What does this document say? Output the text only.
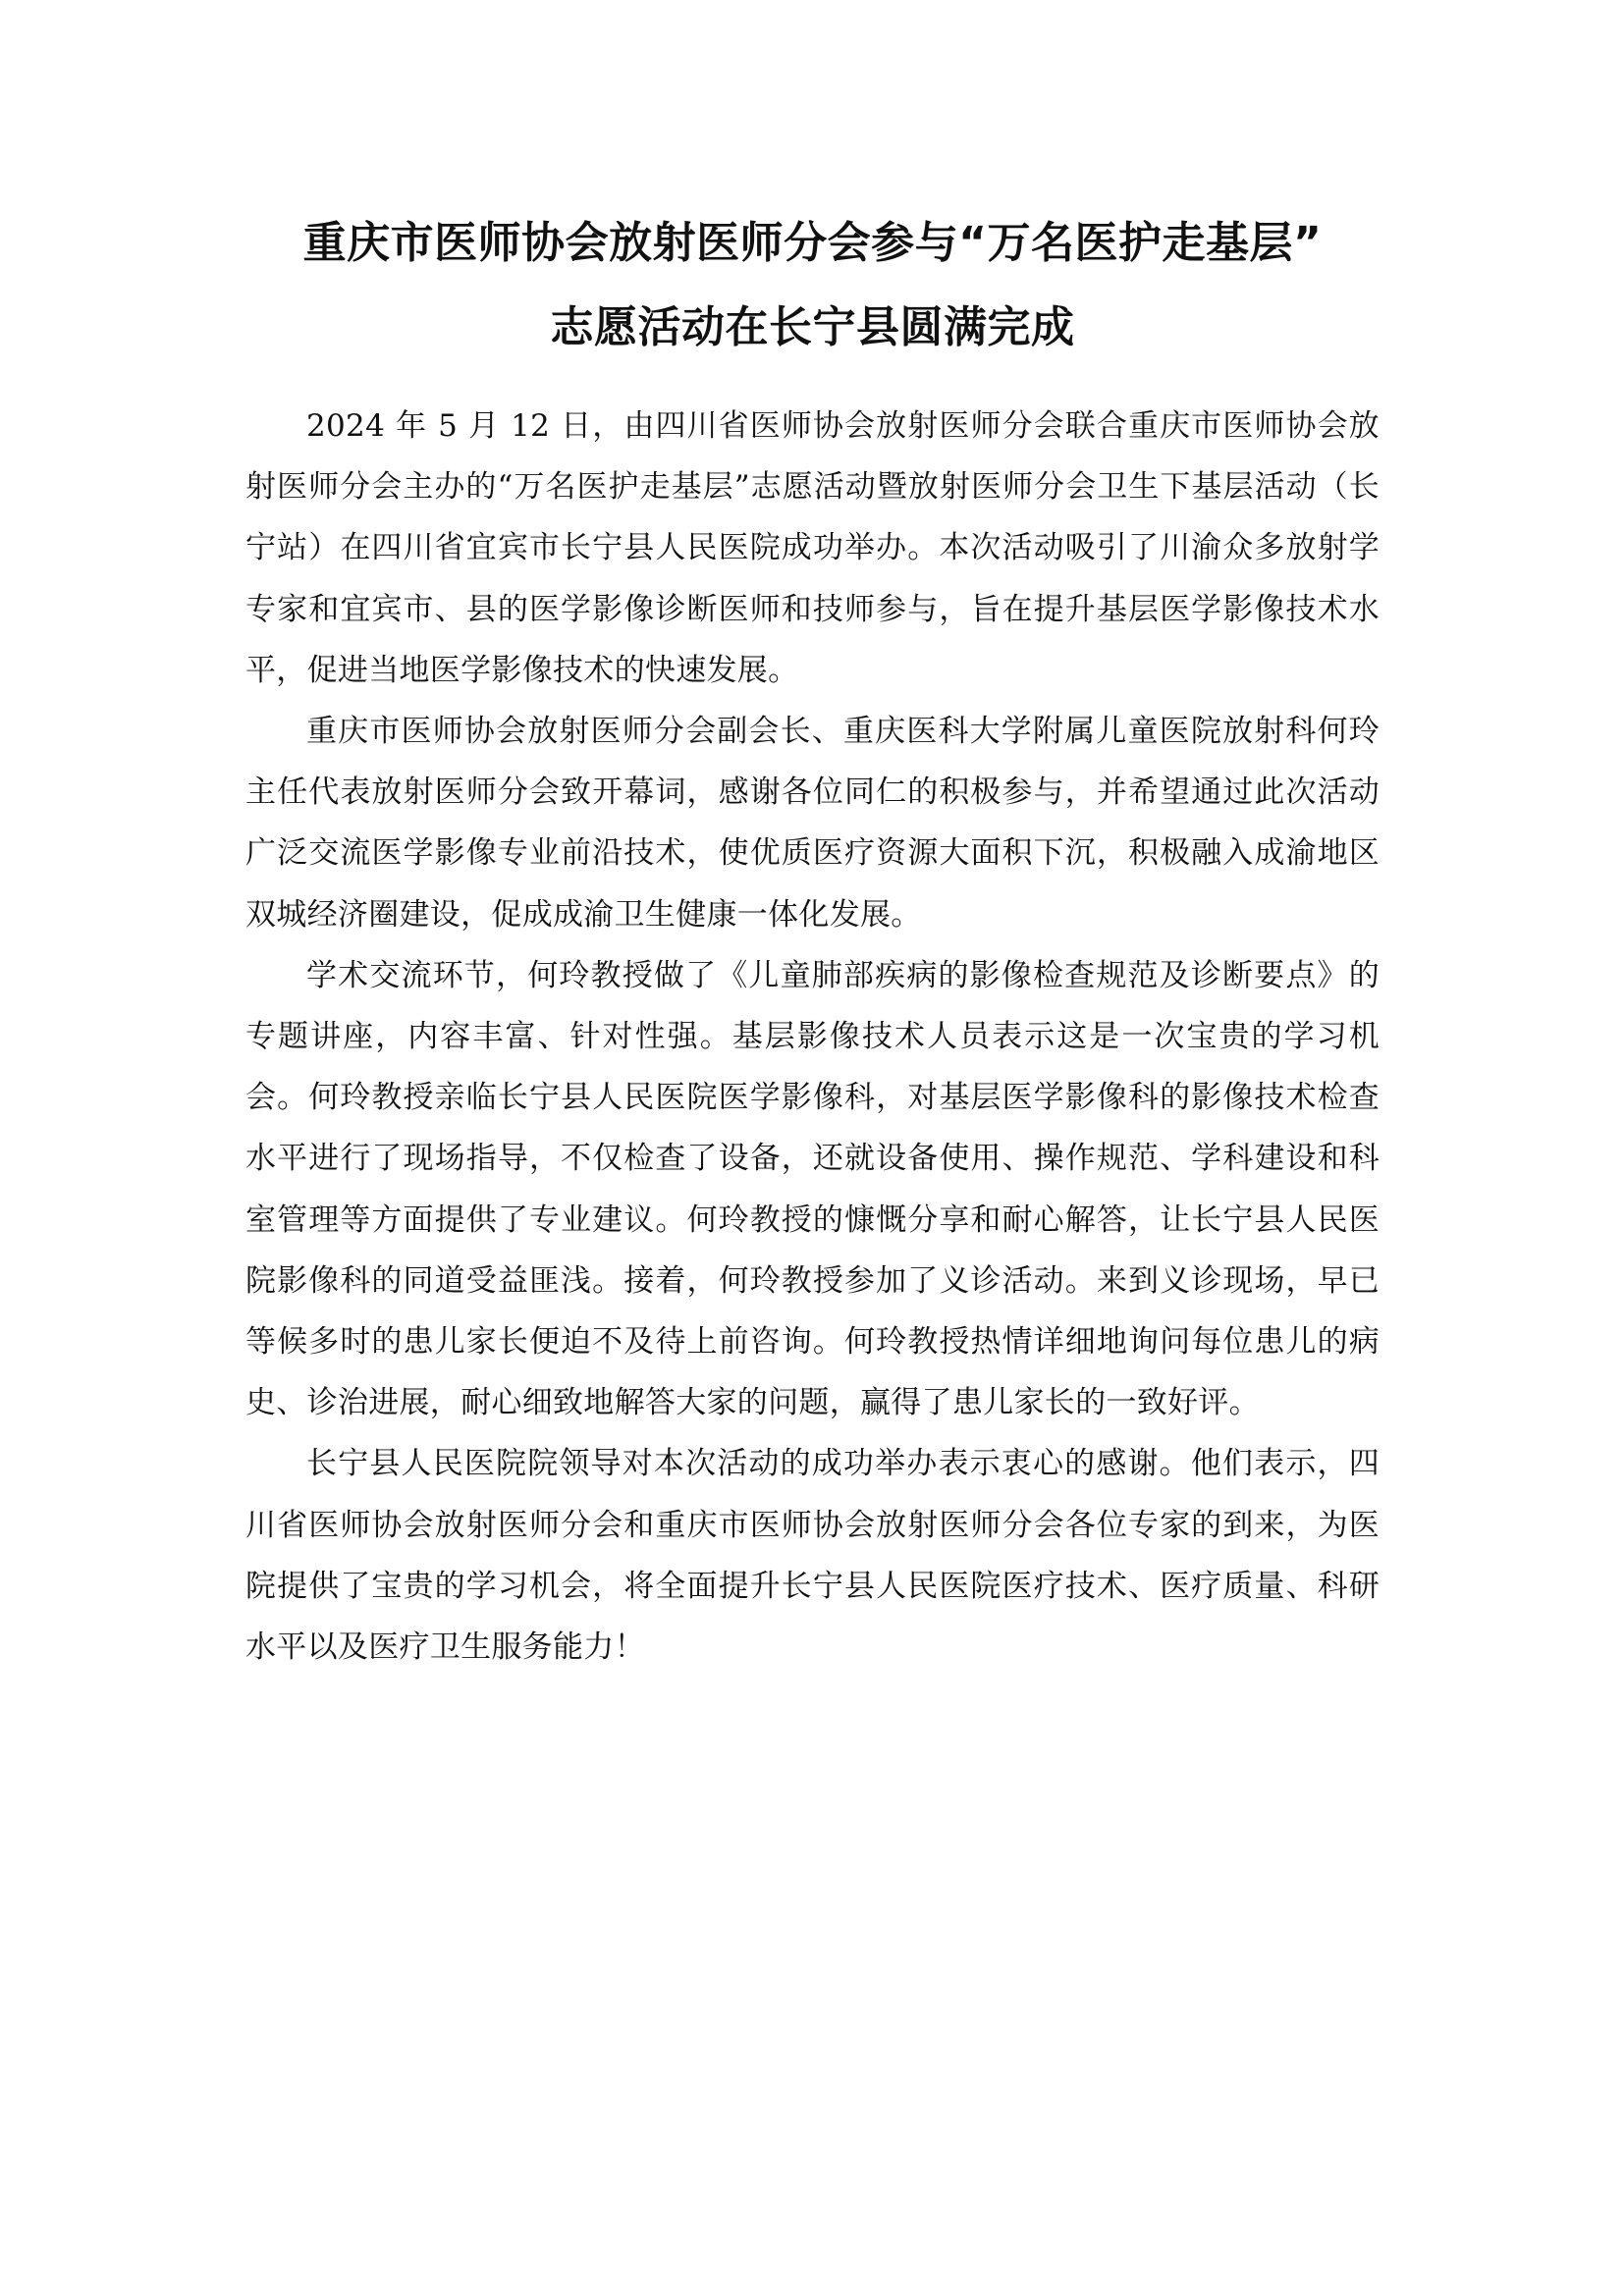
重庆市医师协会放射医师分会参与“万名医护走基层”
志愿活动在长宁县圆满完成

2024 年 5 月 12 日，由四川省医师协会放射医师分会联合重庆市医师协会放射医师分会主办的“万名医护走基层”志愿活动暨放射医师分会卫生下基层活动（长宁站）在四川省宜宾市长宁县人民医院成功举办。本次活动吸引了川渝众多放射学专家和宜宾市、县的医学影像诊断医师和技师参与，旨在提升基层医学影像技术水平，促进当地医学影像技术的快速发展。

重庆市医师协会放射医师分会副会长、重庆医科大学附属儿童医院放射科何玲主任代表放射医师分会致开幕词，感谢各位同仁的积极参与，并希望通过此次活动广泛交流医学影像专业前沿技术，使优质医疗资源大面积下沉，积极融入成渝地区双城经济圈建设，促成成渝卫生健康一体化发展。

学术交流环节，何玲教授做了《儿童肺部疾病的影像检查规范及诊断要点》的专题讲座，内容丰富、针对性强。基层影像技术人员表示这是一次宝贵的学习机会。何玲教授亲临长宁县人民医院医学影像科，对基层医学影像科的影像技术检查水平进行了现场指导，不仅检查了设备，还就设备使用、操作规范、学科建设和科室管理等方面提供了专业建议。何玲教授的慷慨分享和耐心解答，让长宁县人民医院影像科的同道受益匪浅。接着，何玲教授参加了义诊活动。来到义诊现场，早已等候多时的患儿家长便迫不及待上前咨询。何玲教授热情详细地询问每位患儿的病史、诊治进展，耐心细致地解答大家的问题，赢得了患儿家长的一致好评。

长宁县人民医院院领导对本次活动的成功举办表示衷心的感谢。他们表示，四川省医师协会放射医师分会和重庆市医师协会放射医师分会各位专家的到来，为医院提供了宝贵的学习机会，将全面提升长宁县人民医院医疗技术、医疗质量、科研水平以及医疗卫生服务能力！
